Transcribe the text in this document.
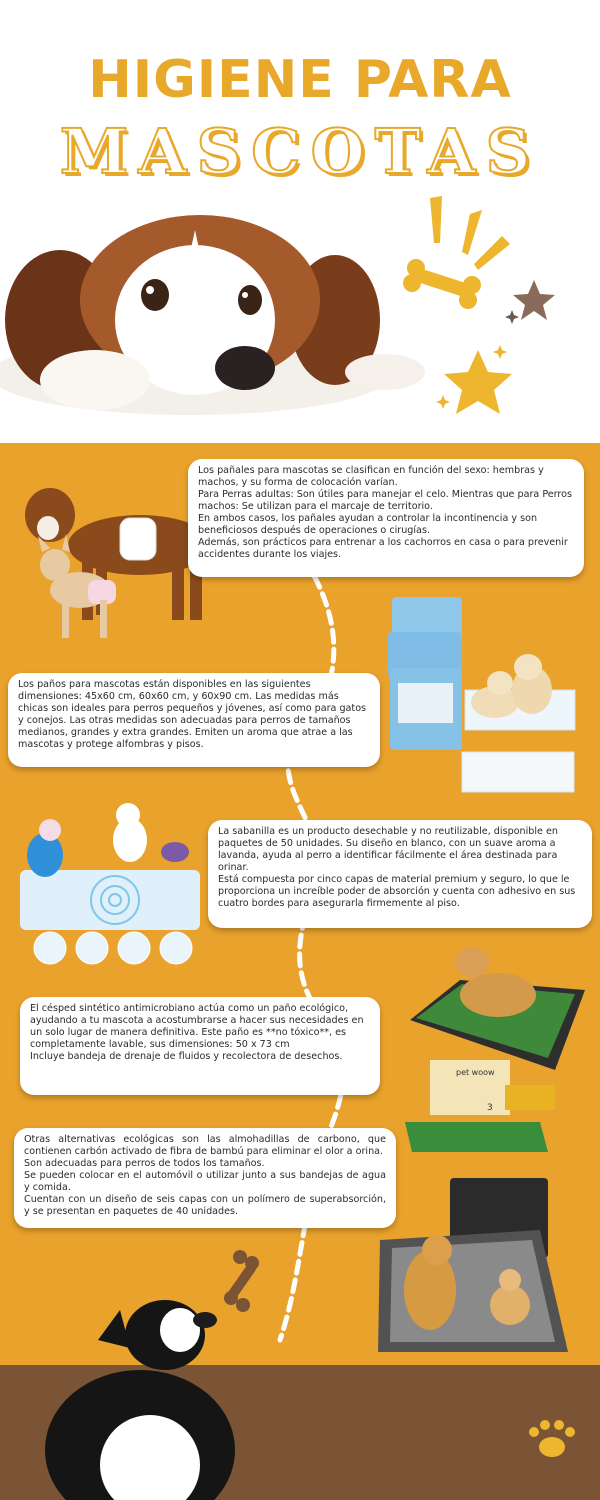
HIGIENE PARA
MASCOTAS
pet woow
3

Los pañales para mascotas se clasifican en función del sexo: hembras y machos, y su forma de colocación varían.

Para Perras adultas: Son útiles para manejar el celo. Mientras que para Perros machos: Se utilizan para el marcaje de territorio.

En ambos casos, los pañales ayudan a controlar la incontinencia y son beneficiosos después de operaciones o cirugías.

Además, son prácticos para entrenar a los cachorros en casa o para prevenir accidentes durante los viajes.

Los paños para mascotas están disponibles en las siguientes dimensiones: 45x60 cm, 60x60 cm, y 60x90 cm. Las medidas más chicas son ideales para perros pequeños y jóvenes, así como para gatos y conejos. Las otras medidas son adecuadas para perros de tamaños medianos, grandes y extra grandes. Emiten un aroma que atrae a las mascotas y protege alfombras y pisos.

La sabanilla es un producto desechable y no reutilizable, disponible en paquetes de 50 unidades. Su diseño en blanco, con un suave aroma a lavanda, ayuda al perro a identificar fácilmente el área destinada para orinar.

Está compuesta por cinco capas de material premium y seguro, lo que le proporciona un increíble poder de absorción y cuenta con adhesivo en sus cuatro bordes para asegurarla firmemente al piso.

El césped sintético antimicrobiano actúa como un paño ecológico, ayudando a tu mascota a acostumbrarse a hacer sus necesidades en un solo lugar de manera definitiva. Este paño es **no tóxico**, es completamente lavable, sus dimensiones: 50 x 73 cm

Incluye bandeja de drenaje de fluidos y recolectora de desechos.

Otras alternativas ecológicas son las almohadillas de carbono, que contienen carbón activado de fibra de bambú para eliminar el olor a orina.

Son adecuadas para perros de todos los tamaños.

Se pueden colocar en el automóvil o utilizar junto a sus bandejas de agua y comida.

Cuentan con un diseño de seis capas con un polímero de superabsorción, y se presentan en paquetes de 40 unidades.
